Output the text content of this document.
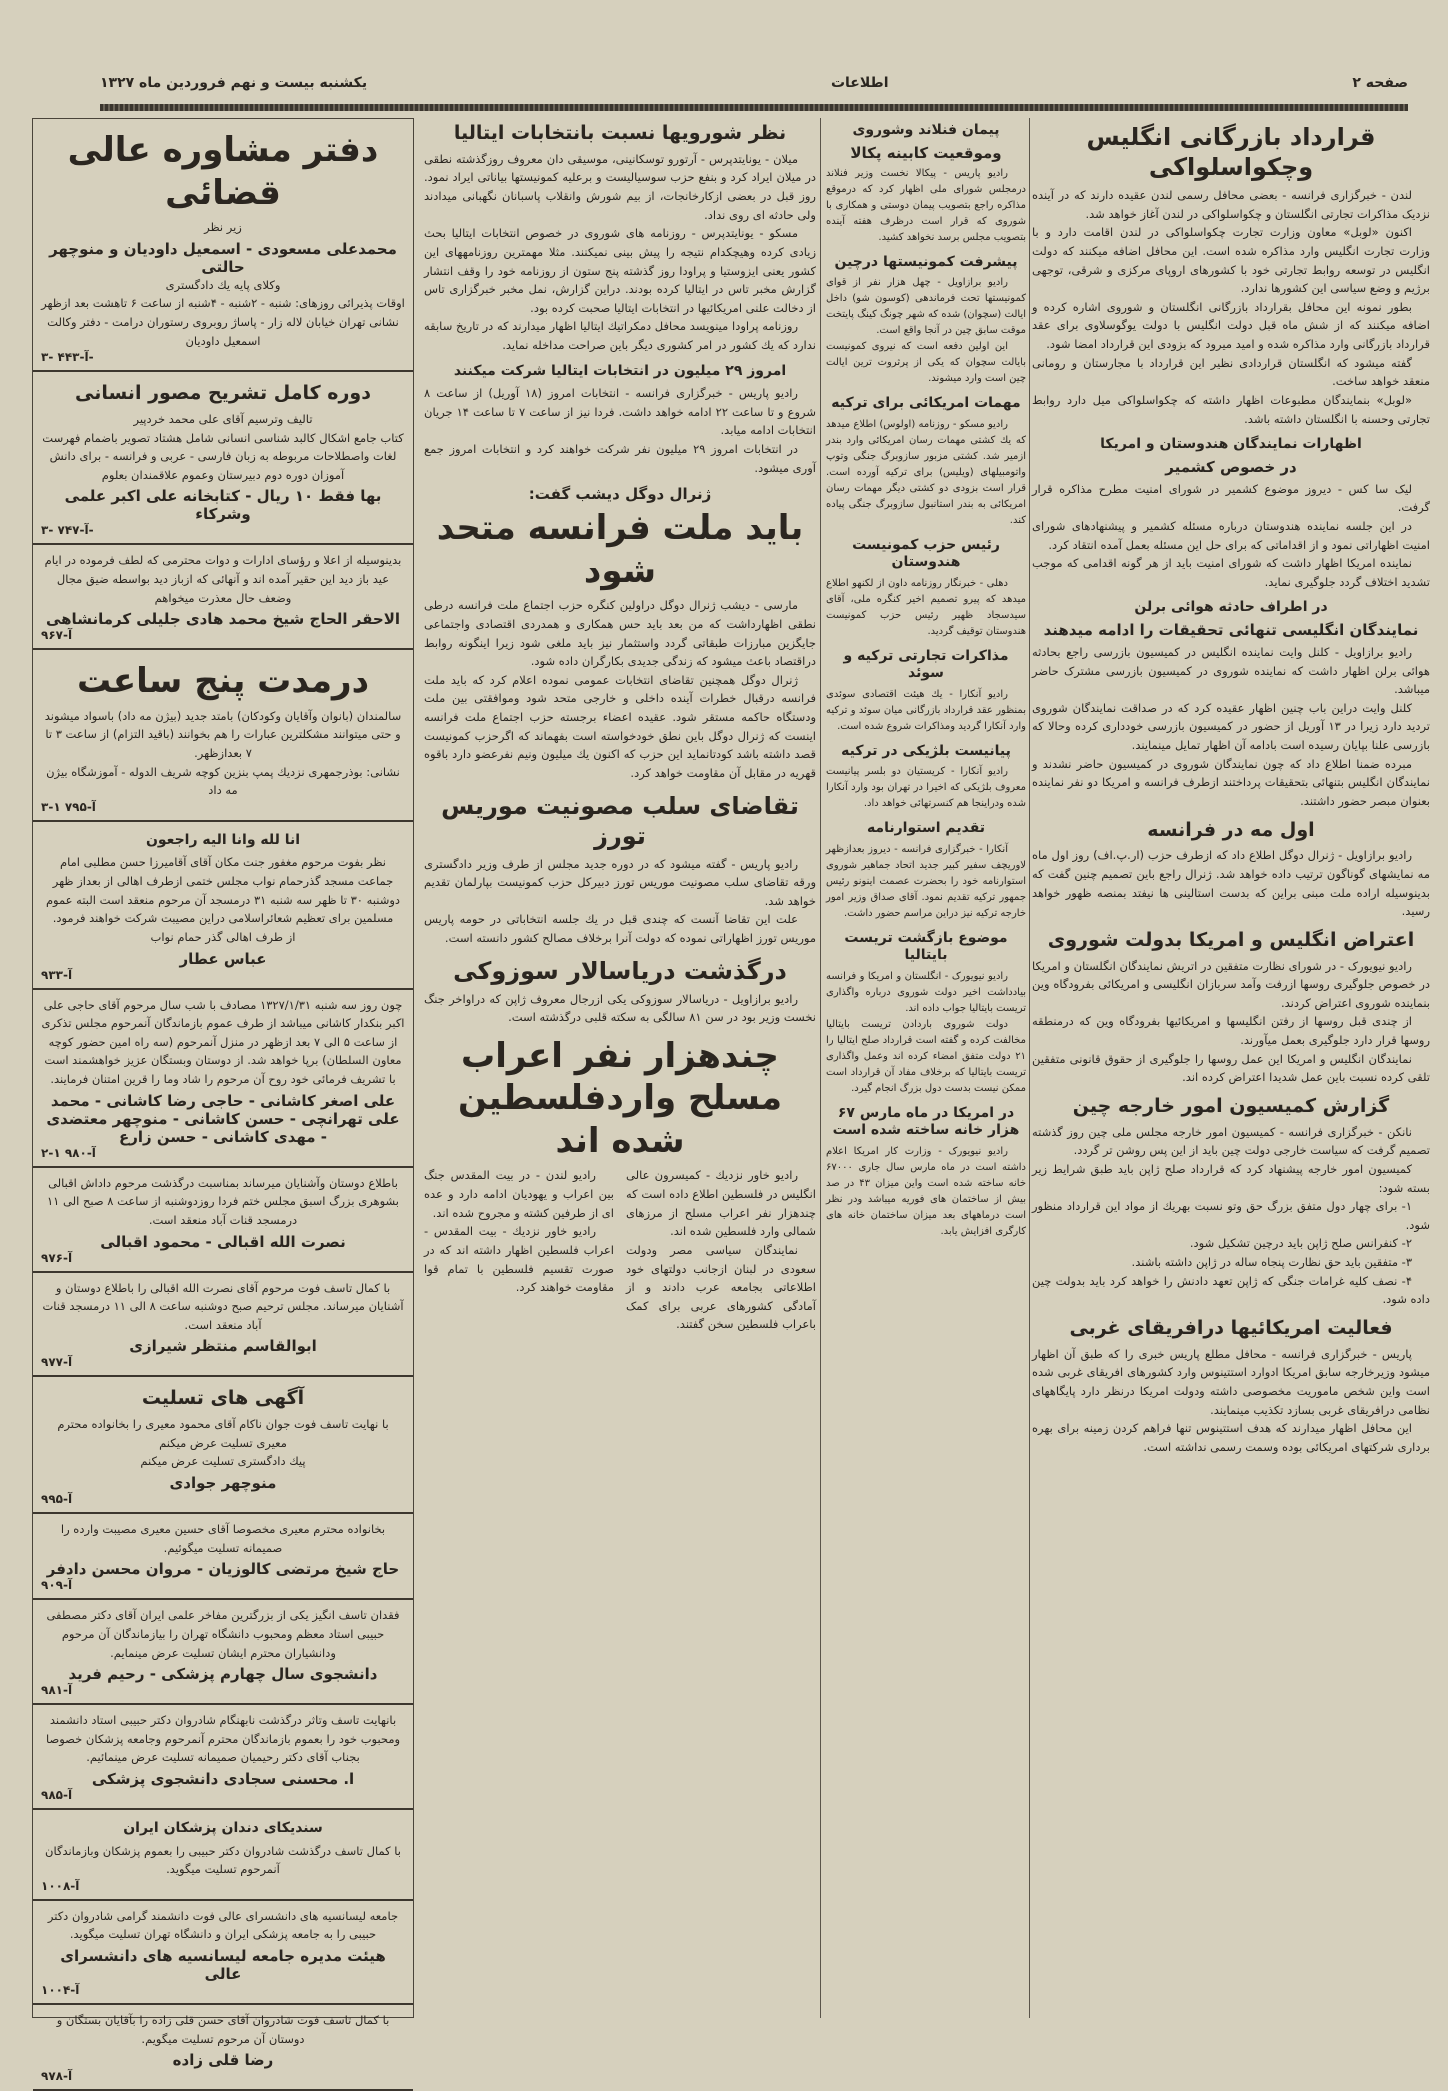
صفحه ۲
اطلاعات
یکشنبه بیست و نهم فروردین ماه ۱۳۲۷
قرارداد بازرگانی انگلیس وچکواسلواکی

لندن - خبرگزاری فرانسه - بعضی محافل رسمی لندن عقیده دارند که در آینده نزدیک مذاکرات تجارتی انگلستان و چکواسلواکی در لندن آغاز خواهد شد.

اکنون «لوبل» معاون وزارت تجارت چکواسلواکی در لندن اقامت دارد و با وزارت تجارت انگلیس وارد مذاکره شده است. این محافل اضافه میکنند که دولت انگلیس در توسعه روابط تجارتی خود با کشورهای اروپای مرکزی و شرقی، توجهی برژیم و وضع سیاسی این کشورها ندارد.

بطور نمونه این محافل بقرارداد بازرگانی انگلستان و شوروی اشاره کرده و اضافه میکنند که از شش ماه قبل دولت انگلیس با دولت یوگوسلاوی برای عقد قرارداد بازرگانی وارد مذاکره شده و امید میرود که بزودی این قرارداد امضا شود.

گفته میشود که انگلستان قراردادی نظیر این قرارداد با مجارستان و رومانی منعقد خواهد ساخت.

«لوبل» بنمایندگان مطبوعات اظهار داشته که چکواسلواکی میل دارد روابط تجارتی وحسنه با انگلستان داشته باشد.

اظهارات نمایندگان هندوستان و امریکا
در خصوص کشمیر

لیک سا کس - دیروز موضوع کشمیر در شورای امنیت مطرح مذاکره قرار گرفت.

در این جلسه نماینده هندوستان درباره مسئله کشمیر و پیشنهادهای شورای امنیت اظهاراتی نمود و از اقداماتی که برای حل این مسئله بعمل آمده انتقاد کرد.

نماینده امریکا اظهار داشت که شورای امنیت باید از هر گونه اقدامی که موجب تشدید اختلاف گردد جلوگیری نماید.

در اطراف حادثه هوائی برلن
نمایندگان انگلیسی تنهائی تحقیقات را ادامه میدهند

رادیو برازاویل - کلنل وایت نماینده انگلیس در کمیسیون بازرسی راجع بحادثه هوائی برلن اظهار داشت که نماینده شوروی در کمیسیون بازرسی مشترک حاضر میباشد.

کلنل وایت دراین باب چنین اظهار عقیده کرد که در صداقت نمایندگان شوروی تردید دارد زیرا در ۱۳ آوریل از حضور در کمیسیون بازرسی خودداری کرده وحالا که بازرسی علنا بپایان رسیده است بادامه آن اظهار تمایل مینمایند.

مبرده ضمنا اطلاع داد که چون نمایندگان شوروی در کمیسیون حاضر نشدند و نمایندگان انگلیس بتنهائی بتحقیقات پرداختند ازطرف فرانسه و امریکا دو نفر نماینده بعنوان مبصر حضور داشتند.

اول مه در فرانسه

رادیو برازاویل - ژنرال دوگل اطلاع داد که ازطرف حزب (ار.پ.اف) روز اول ماه مه نمایشهای گوناگون ترتیب داده خواهد شد. ژنرال راجع باین تصمیم چنین گفت که بدینوسیله اراده ملت مبنی براین که بدست استالینی ها نیفتد بمنصه ظهور خواهد رسید.

اعتراض انگلیس و امریکا بدولت شوروی

رادیو نیویورک - در شورای نظارت متفقین در اتریش نمایندگان انگلستان و امریکا در خصوص جلوگیری روسها ازرفت وآمد سربازان انگلیسی و امریکائی بفرودگاه وین بنماینده شوروی اعتراض کردند.

از چندی قبل روسها از رفتن انگلیسها و امریکائیها بفرودگاه وین که درمنطقه روسها قرار دارد جلوگیری بعمل میآورند.

نمایندگان انگلیس و امریکا این عمل روسها را جلوگیری از حقوق قانونی متفقین تلقی کرده نسبت باین عمل شدیدا اعتراض کرده اند.

گزارش کمیسیون امور خارجه چین

نانکن - خبرگزاری فرانسه - کمیسیون امور خارجه مجلس ملی چین روز گذشته تصمیم گرفت که سیاست خارجی دولت چین باید از این پس روشن تر گردد.

کمیسیون امور خارجه پیشنهاد کرد که قرارداد صلح ژاپن باید طبق شرایط زیر بسته شود:

۱- برای چهار دول متفق بزرگ حق وتو نسبت بهریك از مواد این قرارداد منظور شود.

۲- کنفرانس صلح ژاپن باید درچین تشکیل شود.

۳- متفقین باید حق نظارت پنجاه ساله در ژاپن داشته باشند.

۴- نصف کلیه غرامات جنگی که ژاپن تعهد دادنش را خواهد کرد باید بدولت چین داده شود.

فعالیت امریکائیها درافریقای غربی

پاریس - خبرگزاری فرانسه - محافل مطلع پاریس خبری را که طبق آن اظهار میشود وزیرخارجه سابق امریکا ادوارد استتینوس وارد کشورهای افریقای غربی شده است واین شخص ماموریت مخصوصی داشته ودولت امریکا درنظر دارد پایگاههای نظامی درافریقای غربی بسازد تکذیب مینمایند.

این محافل اظهار میدارند که هدف استتینوس تنها فراهم کردن زمینه برای بهره برداری شرکتهای امریکائی بوده وسمت رسمی نداشته است.

پیمان فنلاند وشوروی
وموقعیت کابینه پکالا

رادیو پاریس - پیکالا نخست وزیر فنلاند درمجلس شورای ملی اظهار کرد که درموقع مذاکره راجع بتصویب پیمان دوستی و همکاری با شوروی که قرار است درظرف هفته آینده بتصویب مجلس برسد نخواهد کشید.

پیشرفت کمونیستها درچین

رادیو برازاویل - چهل هزار نفر از قوای کمونیستها تحت فرماندهی (کوسون شو) داخل ایالت (سچوان) شده که شهر چونگ کینگ پایتخت موقت سابق چین در آنجا واقع است.

این اولین دفعه است که نیروی کمونیست بایالت سچوان که یکی از پرثروت ترین ایالت چین است وارد میشوند.

مهمات امریکائی برای ترکیه

رادیو مسکو - روزنامه (اولوس) اطلاع میدهد که یك کشتی مهمات رسان امریکائی وارد بندر ازمیر شد. کشتی مزبور سازوبرگ جنگی وتوپ واتومبیلهای (ویلیس) برای ترکیه آورده است. قرار است بزودی دو کشتی دیگر مهمات رسان امریکائی به بندر استانبول سازوبرگ جنگی پیاده کند.

رئیس حزب کمونیست هندوستان

دهلی - خبرنگار روزنامه داون از لکنهو اطلاع میدهد که پیرو تصمیم اخیر کنگره ملی، آقای سیدسجاد ظهیر رئیس حزب کمونیست هندوستان توقیف گردید.

مذاکرات تجارتی ترکیه و سوئد

رادیو آنکارا - یك هیئت اقتصادی سوئدی بمنظور عقد قرارداد بازرگانی میان سوئد و ترکیه وارد آنکارا گردید ومذاکرات شروع شده است.

پیانیست بلژیکی در ترکیه

رادیو آنکارا - کریستیان دو بلسر پیانیست معروف بلژیکی که اخیرا در تهران بود وارد آنکارا شده ودراینجا هم کنسرتهائی خواهد داد.

تقدیم استوارنامه

آنکارا - خبرگزاری فرانسه - دیروز بعدازظهر لاوریچف سفیر کبیر جدید اتحاد جماهیر شوروی استوارنامه خود را بحضرت عصمت اینونو رئیس جمهور ترکیه تقدیم نمود. آقای صداق وزیر امور خارجه ترکیه نیز دراین مراسم حضور داشت.

موضوع بازگشت تریست بایتالیا

رادیو نیویورک - انگلستان و امریکا و فرانسه بیادداشت اخیر دولت شوروی درباره واگذاری تریست بایتالیا جواب داده اند.

دولت شوروی باردادن تریست بایتالیا مخالفت کرده و گفته است قرارداد صلح ایتالیا را ۲۱ دولت متفق امضاء کرده اند وعمل واگذاری تریست بایتالیا که برخلاف مفاد آن قرارداد است ممکن نیست بدست دول بزرگ انجام گیرد.

در امریکا در ماه مارس ۶۷ هزار خانه ساخته شده است

رادیو نیویورک - وزارت کار امریکا اعلام داشته است در ماه مارس سال جاری ۶۷۰۰۰ خانه ساخته شده است واین میزان ۴۳ در صد بیش از ساختمان های فوریه میباشد ودر نظر است درماههای بعد میزان ساختمان خانه های کارگری افزایش یابد.

نظر شورویها نسبت بانتخابات ایتالیا

میلان - یونایتدپرس - آرتورو توسکانینی، موسیقی دان معروف روزگذشته نطقی در میلان ایراد کرد و بنفع حزب سوسیالیست و برعلیه کمونیستها بیاناتی ایراد نمود. روز قبل در بعضی ازکارخانجات، از بیم شورش وانقلاب پاسبانان نگهبانی میدادند ولی حادثه ای روی نداد.

مسکو - یونایتدپرس - روزنامه های شوروی در خصوص انتخابات ایتالیا بحث زیادی کرده وهیچکدام نتیجه را پیش بینی نمیکنند. مثلا مهمترین روزنامههای این کشور یعنی ایزوستیا و پراودا روز گذشته پنج ستون از روزنامه خود را وقف انتشار گزارش مخبر تاس در ایتالیا کرده بودند. دراین گزارش، نمل مخبر خبرگزاری تاس از دخالت علنی امریکائیها در انتخابات ایتالیا صحبت کرده بود.

روزنامه پراودا مینویسد محافل دمکراتیك ایتالیا اظهار میدارند که در تاریخ سابقه ندارد که یك کشور در امر کشوری دیگر باین صراحت مداخله نماید.

امروز ۲۹ میلیون در انتخابات ایتالیا شرکت میکنند

رادیو پاریس - خبرگزاری فرانسه - انتخابات امروز (۱۸ آوریل) از ساعت ۸ شروع و تا ساعت ۲۲ ادامه خواهد داشت. فردا نیز از ساعت ۷ تا ساعت ۱۴ جریان انتخابات ادامه میابد.

در انتخابات امروز ۲۹ میلیون نفر شرکت خواهند کرد و انتخابات امروز جمع آوری میشود.

ژنرال دوگل دیشب گفت:
باید ملت فرانسه متحد شود

مارسی - دیشب ژنرال دوگل دراولین کنگره حزب اجتماع ملت فرانسه درطی نطقی اظهارداشت که من بعد باید حس همکاری و همدردی اقتصادی واجتماعی جایگزین مبارزات طبقاتی گردد واستثمار نیز باید ملغی شود زیرا اینگونه روابط دراقتصاد باعث میشود که زندگی جدیدی بکارگران داده شود.

ژنرال دوگل همچنین تقاضای انتخابات عمومی نموده اعلام کرد که باید ملت فرانسه درقبال خطرات آینده داخلی و خارجی متحد شود وموافقتی بین ملت ودستگاه حاکمه مستقر شود. عقیده اعضاء برجسته حزب اجتماع ملت فرانسه اینست که ژنرال دوگل باین نطق خودخواسته است بفهماند که اگرحزب کمونیست قصد داشته باشد کودتانماید این حزب که اکنون یك میلیون ونیم نفرعضو دارد باقوه قهریه در مقابل آن مقاومت خواهد کرد.

تقاضای سلب مصونیت موریس تورز

رادیو پاریس - گفته میشود که در دوره جدید مجلس از طرف وزیر دادگستری ورقه تقاضای سلب مصونیت موریس تورز دبیرکل حزب کمونیست بپارلمان تقدیم خواهد شد.

علت این تقاضا آنست که چندی قبل در یك جلسه انتخاباتی در حومه پاریس موریس تورز اظهاراتی نموده که دولت آنرا برخلاف مصالح کشور دانسته است.

درگذشت دریاسالار سوزوکی

رادیو برازاویل - دریاسالار سوزوکی یکی ازرجال معروف ژاپن که دراواخر جنگ نخست وزیر بود در سن ۸۱ سالگی به سکته قلبی درگذشته است.

چندهزار نفر اعراب مسلح واردفلسطین شده اند

رادیو خاور نزدیك - کمیسرون عالی انگلیس در فلسطین اطلاع داده است که چندهزار نفر اعراب مسلح از مرزهای شمالی وارد فلسطین شده اند.

نمایندگان سیاسی مصر ودولت سعودی در لبنان ازجانب دولتهای خود اطلاعاتی بجامعه عرب دادند و از آمادگی کشورهای عربی برای کمک باعراب فلسطین سخن گفتند.

رادیو لندن - در بیت المقدس جنگ بین اعراب و یهودیان ادامه دارد و عده ای از طرفین کشته و مجروح شده اند.

رادیو خاور نزدیك - بیت المقدس - اعراب فلسطین اظهار داشته اند که در صورت تقسیم فلسطین با تمام قوا مقاومت خواهند کرد.

دفتر مشاوره عالی قضائی

زیر نظر

محمدعلی مسعودی - اسمعیل داودیان و منوچهر حالتی

وکلای پایه یك دادگستری

اوقات پذیرائی روزهای: شنبه - ۲شنبه - ۴شنبه از ساعت ۶ تاهشت بعد ازظهر

نشانی تهران خیابان لاله زار - پاساژ روبروی رستوران درامت - دفتر وکالت اسمعیل داودیان

آ-۴۴۳ -۳-
دوره کامل تشریح مصور انسانی

تالیف وترسیم آقای علی محمد خردپیر

کتاب جامع اشکال کالبد شناسی انسانی شامل هشتاد تصویر باضمام فهرست لغات واصطلاحات مربوطه به زبان فارسی - عربی و فرانسه - برای دانش آموزان دوره دوم دبیرستان وعموم علاقمندان بعلوم

بها فقط ۱۰ ریال - کتابخانه علی اکبر علمی وشرکاء
آ-۷۴۷ -۳-

بدینوسیله از اعلا و رؤسای ادارات و دوات محترمی که لطف فرموده در ایام عید باز دید این حقیر آمده اند و آنهائی که ازباز دید بواسطه ضیق مجال وضعف حال معذرت میخواهم

الاحقر الحاج شیخ محمد هادی جلیلی کرمانشاهی
آ-۹۶۷
درمدت پنج ساعت

سالمندان (بانوان وآقایان وکودکان) بامتد جدید (بیژن مه داد) باسواد میشوند و حتی میتوانند مشکلترین عبارات را هم بخوانند (باقید التزام) از ساعت ۳ تا ۷ بعدازظهر.

نشانی: بوذرجمهری نزدیك پمپ بنزین کوچه شریف الدوله - آموزشگاه بیژن مه داد

آ-۷۹۵ ۱-۳
انا لله وانا الیه راجعون

نظر بفوت مرحوم مغفور جنت مکان آقای آقامیرزا حسن مطلبی امام جماعت مسجد گذرحمام نواب مجلس ختمی ازطرف اهالی از بعداز ظهر دوشنبه ۳۰ تا ظهر سه شنبه ۳۱ درمسجد آن مرحوم منعقد است البته عموم مسلمین برای تعظیم شعائراسلامی دراین مصیبت شرکت خواهند فرمود.

از طرف اهالی گذر حمام نواب

عباس عطار
آ-۹۳۳

چون روز سه شنبه ۱۳۲۷/۱/۳۱ مصادف با شب سال مرحوم آقای حاجی علی اکبر بنکدار کاشانی میباشد از طرف عموم بازماندگان آنمرحوم مجلس تذکری از ساعت ۵ الی ۷ بعد ازظهر در منزل آنمرحوم (سه راه امین حضور کوچه معاون السلطان) برپا خواهد شد. از دوستان وبستگان عزیز خواهشمند است با تشریف فرمائی خود روح آن مرحوم را شاد وما را قرین امتنان فرمایند.

علی اصغر کاشانی - حاجی رضا کاشانی - محمد علی تهرانچی - حسن کاشانی - منوچهر معتضدی - مهدی کاشانی - حسن زارع
آ-۹۸۰ ۱-۲

باطلاع دوستان وآشنایان میرساند بمناسبت درگذشت مرحوم داداش اقبالی بشوهری بزرگ اسبق مجلس ختم فردا روزدوشنبه از ساعت ۸ صبح الی ۱۱ درمسجد قنات آباد منعقد است.

نصرت الله اقبالی - محمود اقبالی
آ-۹۷۶

با کمال تاسف فوت مرحوم آقای نصرت الله اقبالی را باطلاع دوستان و آشنایان میرساند. مجلس ترحیم صبح دوشنبه ساعت ۸ الی ۱۱ درمسجد قنات آباد منعقد است.

ابوالقاسم منتظر شیرازی
آ-۹۷۷
آگهی های تسلیت

با نهایت تاسف فوت جوان ناکام آقای محمود معیری را بخانواده محترم معیری تسلیت عرض میکنم

پیك دادگستری تسلیت عرض میکنم

منوچهر جوادی
آ-۹۹۵

بخانواده محترم معیری مخصوصا آقای حسین معیری مصیبت وارده را صمیمانه تسلیت میگوئیم.

حاج شیخ مرتضی کالوزیان - مروان محسن دادفر
آ-۹۰۹

فقدان تاسف انگیز یکی از بزرگترین مفاخر علمی ایران آقای دکتر مصطفی حبیبی استاد معظم ومحبوب دانشگاه تهران را بیازماندگان آن مرحوم ودانشیاران محترم ایشان تسلیت عرض مینمایم.

دانشجوی سال چهارم پزشکی - رحیم فرید
آ-۹۸۱

بانهایت تاسف وتاثر درگذشت نابهنگام شادروان دکتر حبیبی استاد دانشمند ومحبوب خود را بعموم بازماندگان محترم آنمرحوم وجامعه پزشکان خصوصا بجناب آقای دکتر رحیمیان صمیمانه تسلیت عرض مینمائیم.

ا. محسنی سجادی دانشجوی پزشکی
آ-۹۸۵
سندیکای دندان پزشکان ایران

با کمال تاسف درگذشت شادروان دکتر حبیبی را بعموم پزشکان وبازماندگان آنمرحوم تسلیت میگوید.

آ-۱۰۰۸

جامعه لیسانسیه های دانشسرای عالی فوت دانشمند گرامی شادروان دکتر حبیبی را به جامعه پزشکی ایران و دانشگاه تهران تسلیت میگوید.

هیئت مدیره جامعه لیسانسیه های دانشسرای عالی
آ-۱۰۰۴

با کمال تاسف فوت شادروان آقای حسن قلی زاده را بآقایان بستگان و دوستان آن مرحوم تسلیت میگویم.

رضا قلی زاده
آ-۹۷۸
